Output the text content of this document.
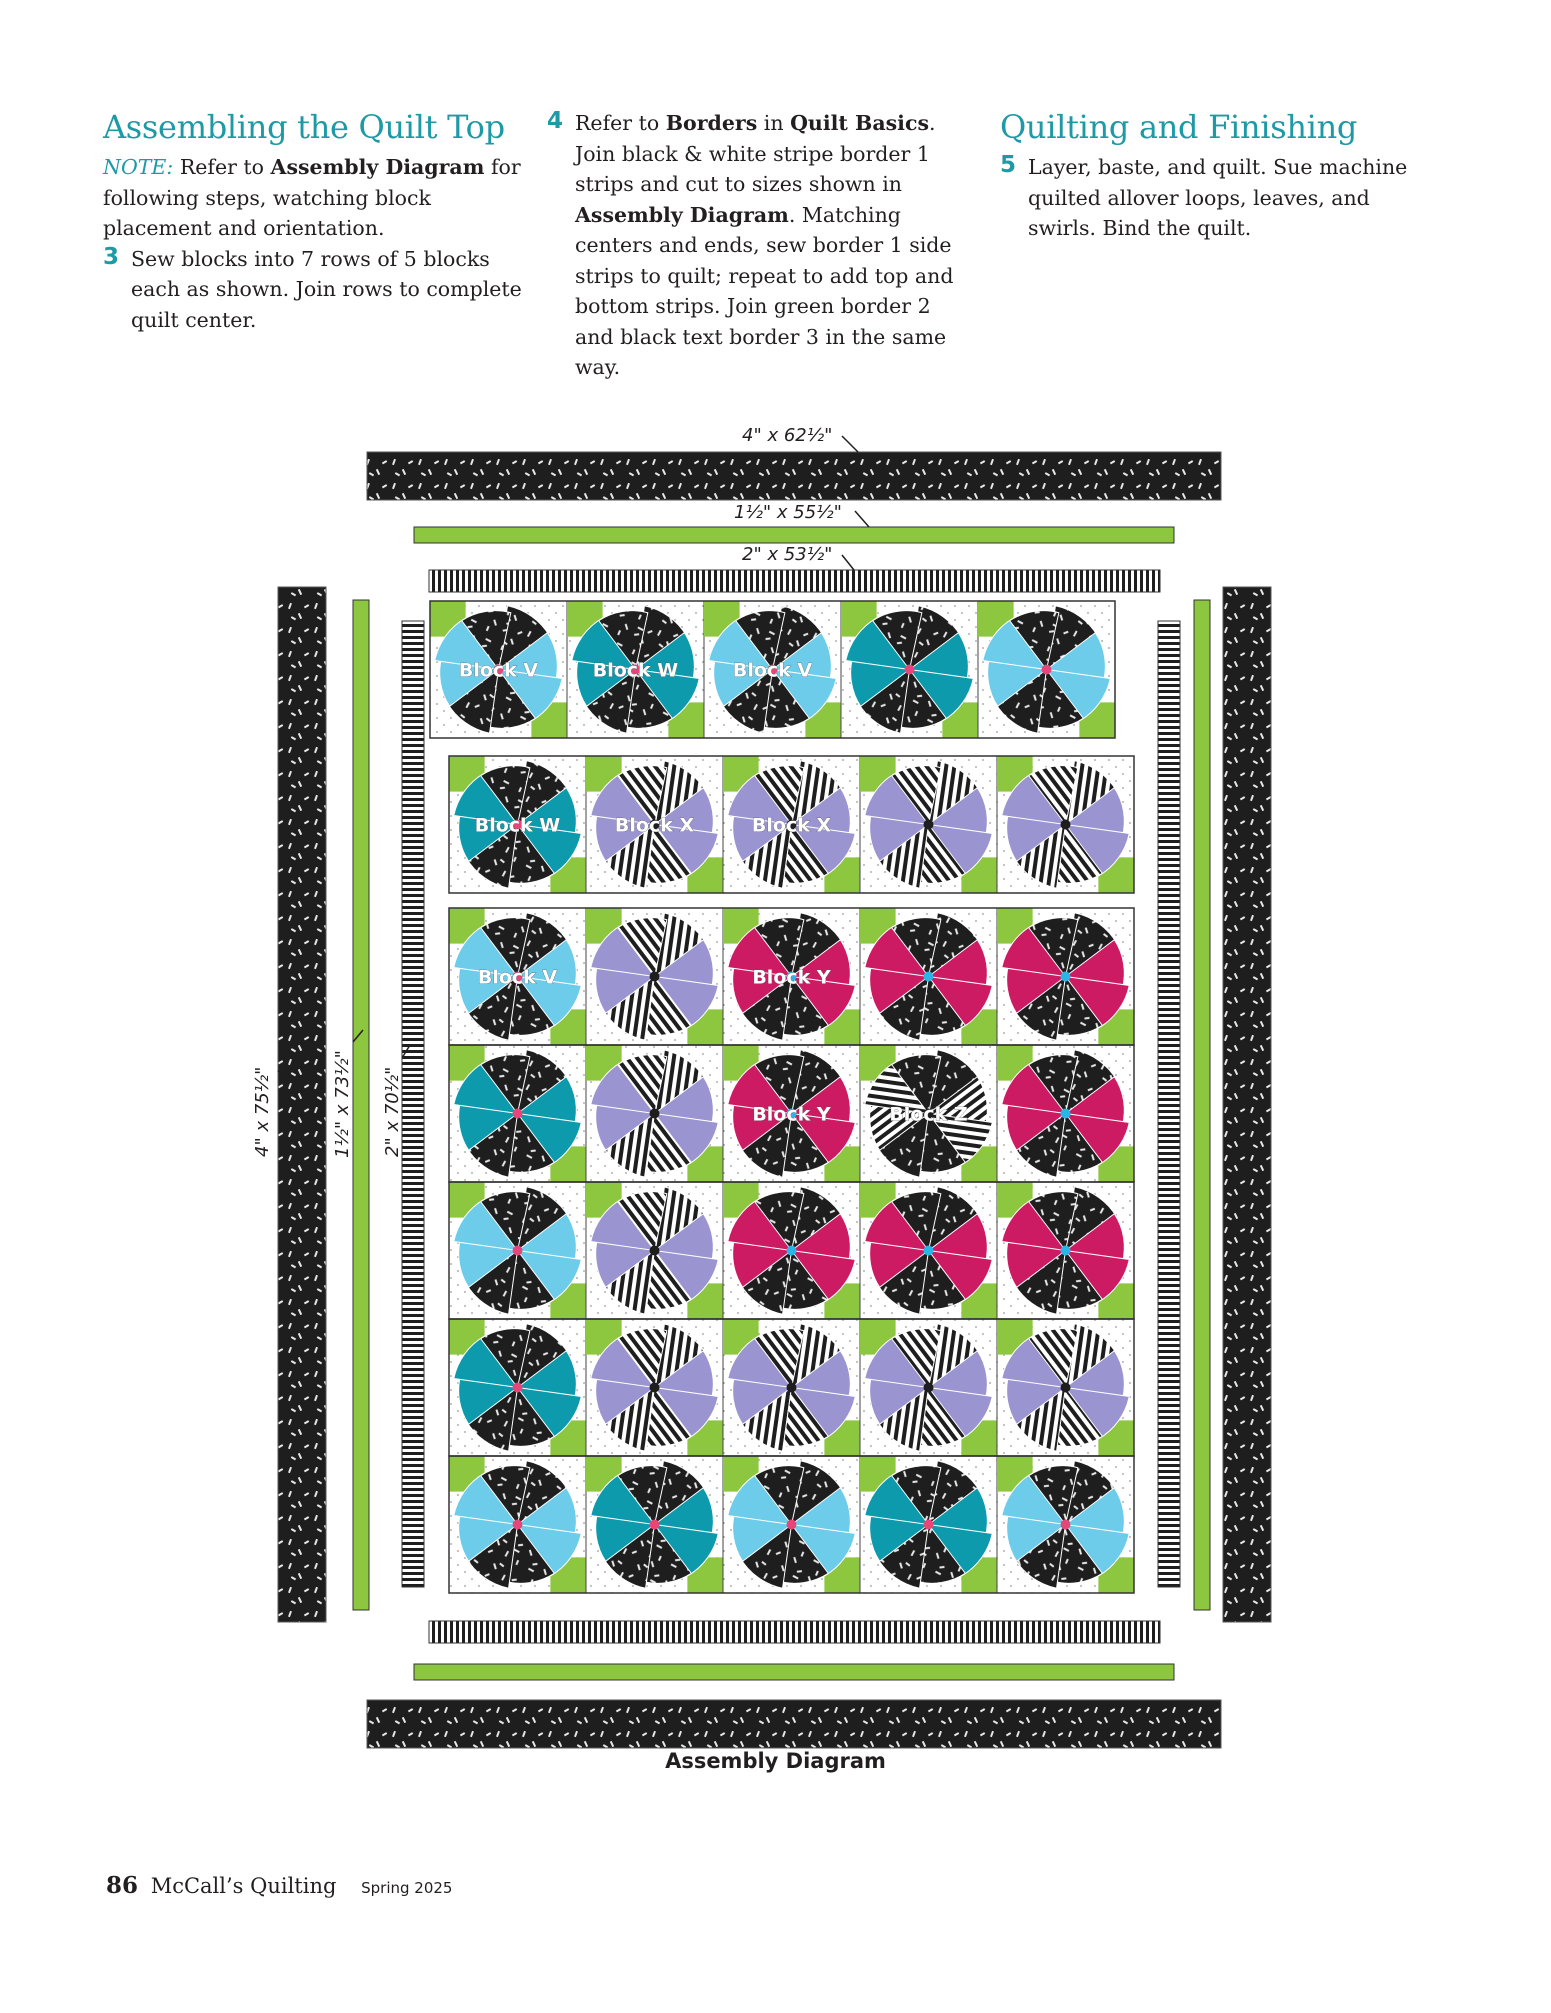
Assembling the Quilt Top

NOTE: Refer to Assembly Diagram for following steps, watching block placement and orientation.

3 Sew blocks into 7 rows of 5 blocks each as shown. Join rows to complete quilt center.
4 Refer to Borders in Quilt Basics. Join black & white stripe border 1 strips and cut to sizes shown in Assembly Diagram. Matching centers and ends, sew border 1 side strips to quilt; repeat to add top and bottom strips. Join green border 2 and black text border 3 in the same way.
Quilting and Finishing
5 Layer, baste, and quilt. Sue machine quilted allover loops, leaves, and swirls. Bind the quilt.
Block V	Block W	Block V
Block W	Block X	Block X
Block V	Block Y
Block Y	Block Z
4" x 62½"
1½" x 55½"
2" x 53½"
4" x 75½"	1½" x 73½" 2" x 70½"
Assembly Diagram
86 McCall’s Quilting Spring 2025
